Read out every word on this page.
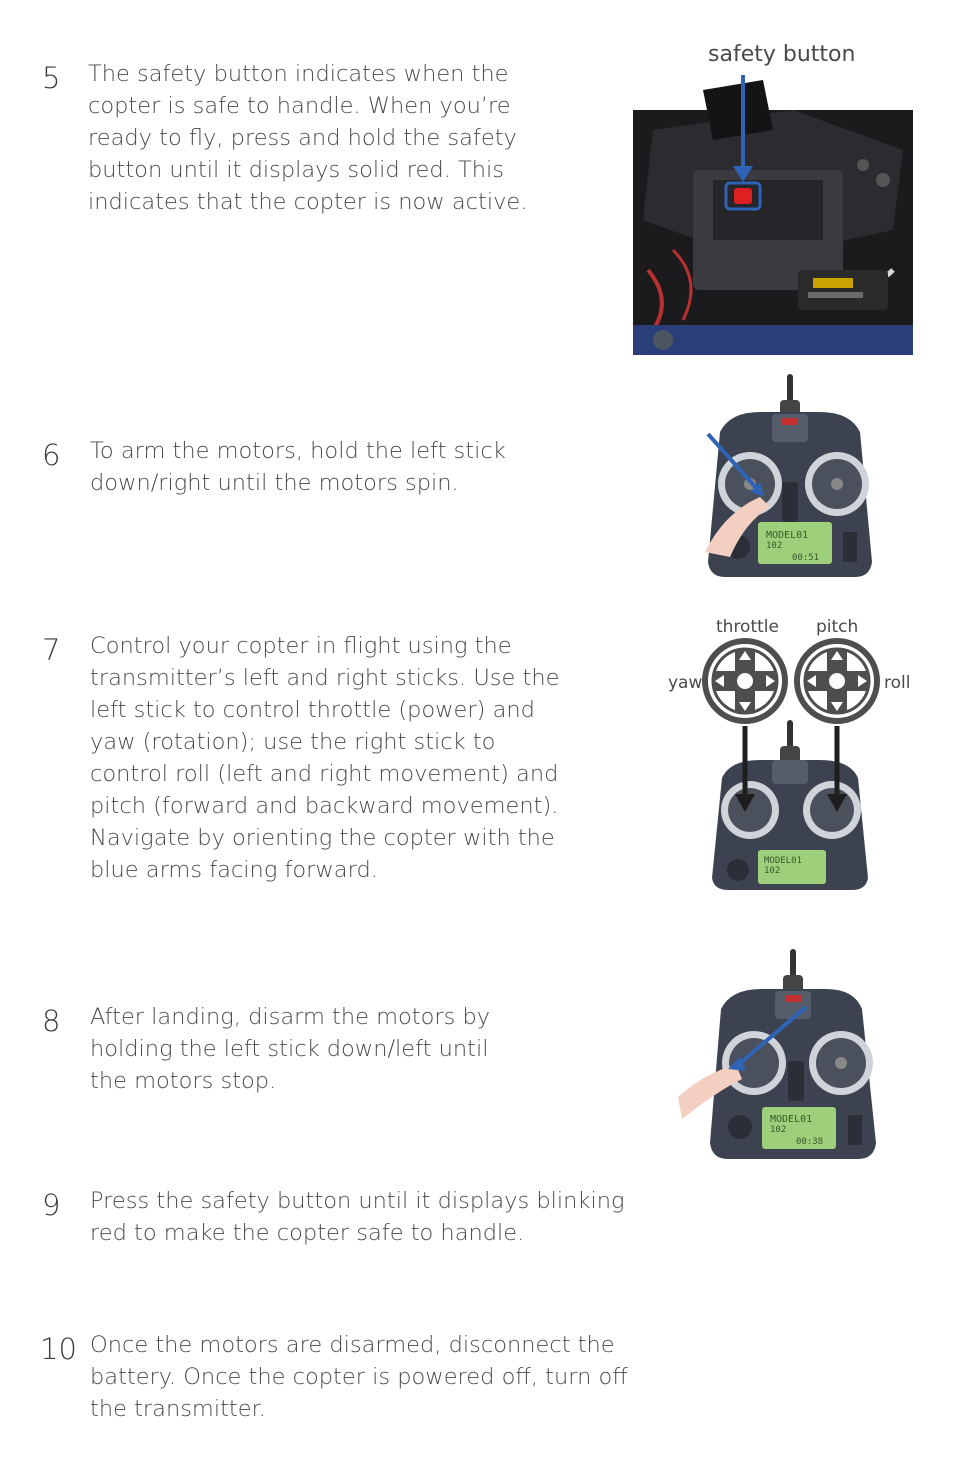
5 The safety button indicates when the copter is safe to handle. When you’re ready to fly, press and hold the safety button until it displays solid red. This indicates that the copter is now active.

safety button
6 To arm the motors, hold the left stick down/right until the motors spin.

MODEL01
102
00:51
7 Control your copter in flight using the transmitter’s left and right sticks. Use the left stick to control throttle (power) and yaw (rotation); use the right stick to control roll (left and right movement) and pitch (forward and backward movement). Navigate by orienting the copter with the blue arms facing forward.

throttle pitch
yaw	roll
MODEL01
102
8 After landing, disarm the motors by holding the left stick down/left until the motors stop.

MODEL01
102
00:38
9 Press the safety button until it displays blinking red to make the copter safe to handle.

10 Once the motors are disarmed, disconnect the battery. Once the copter is powered off, turn off the transmitter.
